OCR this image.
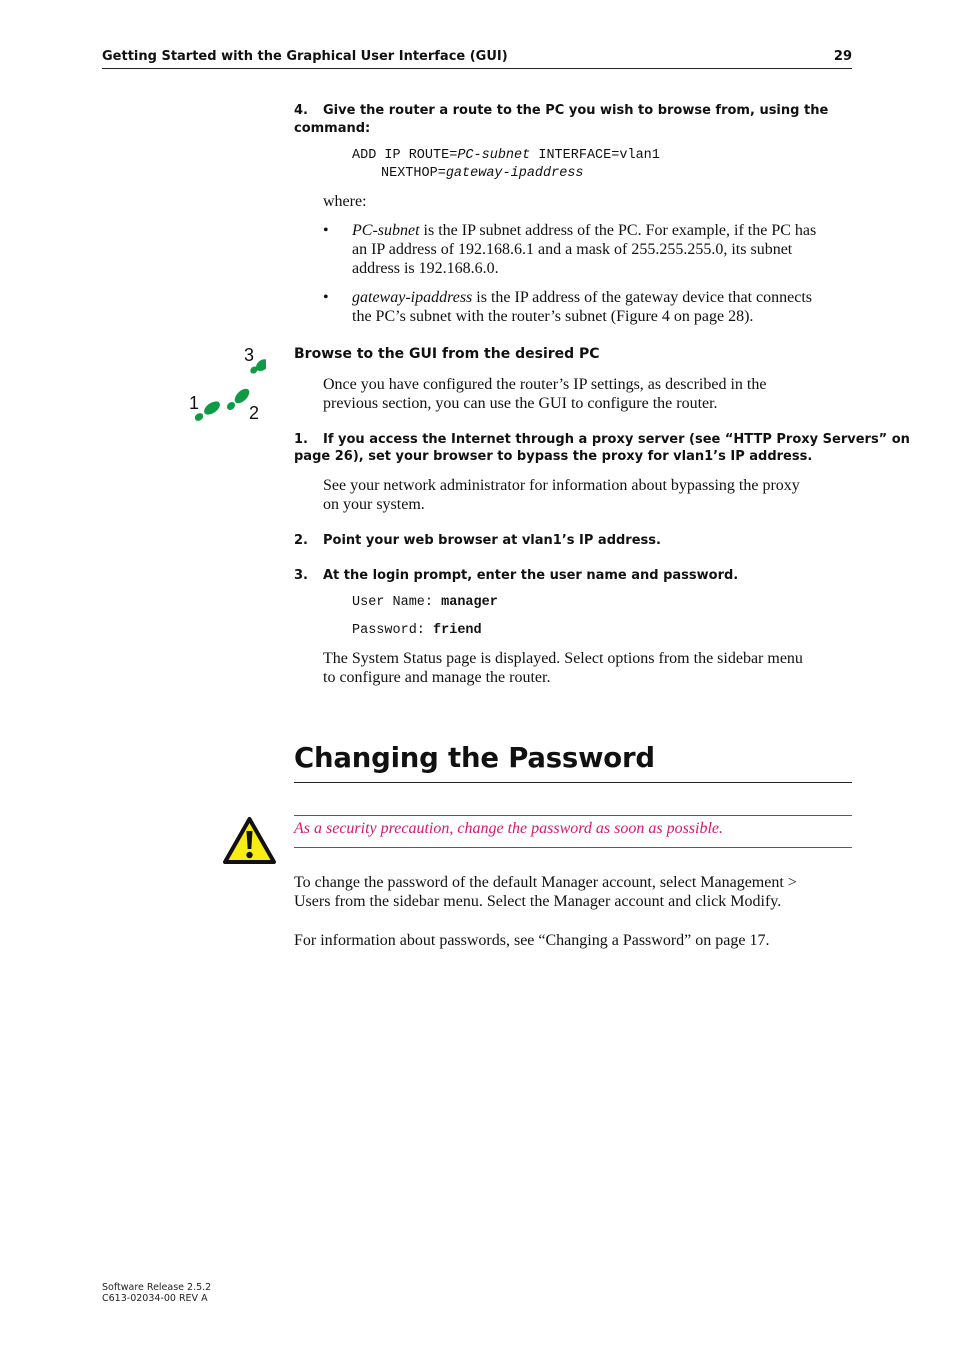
Getting Started with the Graphical User Interface (GUI)	29
4. Give the router a route to the PC you wish to browse from, using the
command:
ADD IP ROUTE=PC-subnet INTERFACE=vlan1
NEXTHOP=gateway-ipaddress
where:
• PC-subnet is the IP subnet address of the PC. For example, if the PC has
an IP address of 192.168.6.1 and a mask of 255.255.255.0, its subnet
address is 192.168.6.0.
• gateway-ipaddress is the IP address of the gateway device that connects
the PC’s subnet with the router’s subnet (Figure 4 on page 28).
3
1	2
Browse to the GUI from the desired PC
Once you have configured the router’s IP settings, as described in the
previous section, you can use the GUI to configure the router.
1. If you access the Internet through a proxy server (see “HTTP Proxy Servers” on
page 26), set your browser to bypass the proxy for vlan1’s IP address.
See your network administrator for information about bypassing the proxy
on your system.
2. Point your web browser at vlan1’s IP address.
3. At the login prompt, enter the user name and password.
User Name: manager
Password: friend
The System Status page is displayed. Select options from the sidebar menu
to configure and manage the router.
Changing the Password
As a security precaution, change the password as soon as possible.
To change the password of the default Manager account, select Management >
Users from the sidebar menu. Select the Manager account and click Modify.
For information about passwords, see “Changing a Password” on page 17.
Software Release 2.5.2
C613-02034-00 REV A
